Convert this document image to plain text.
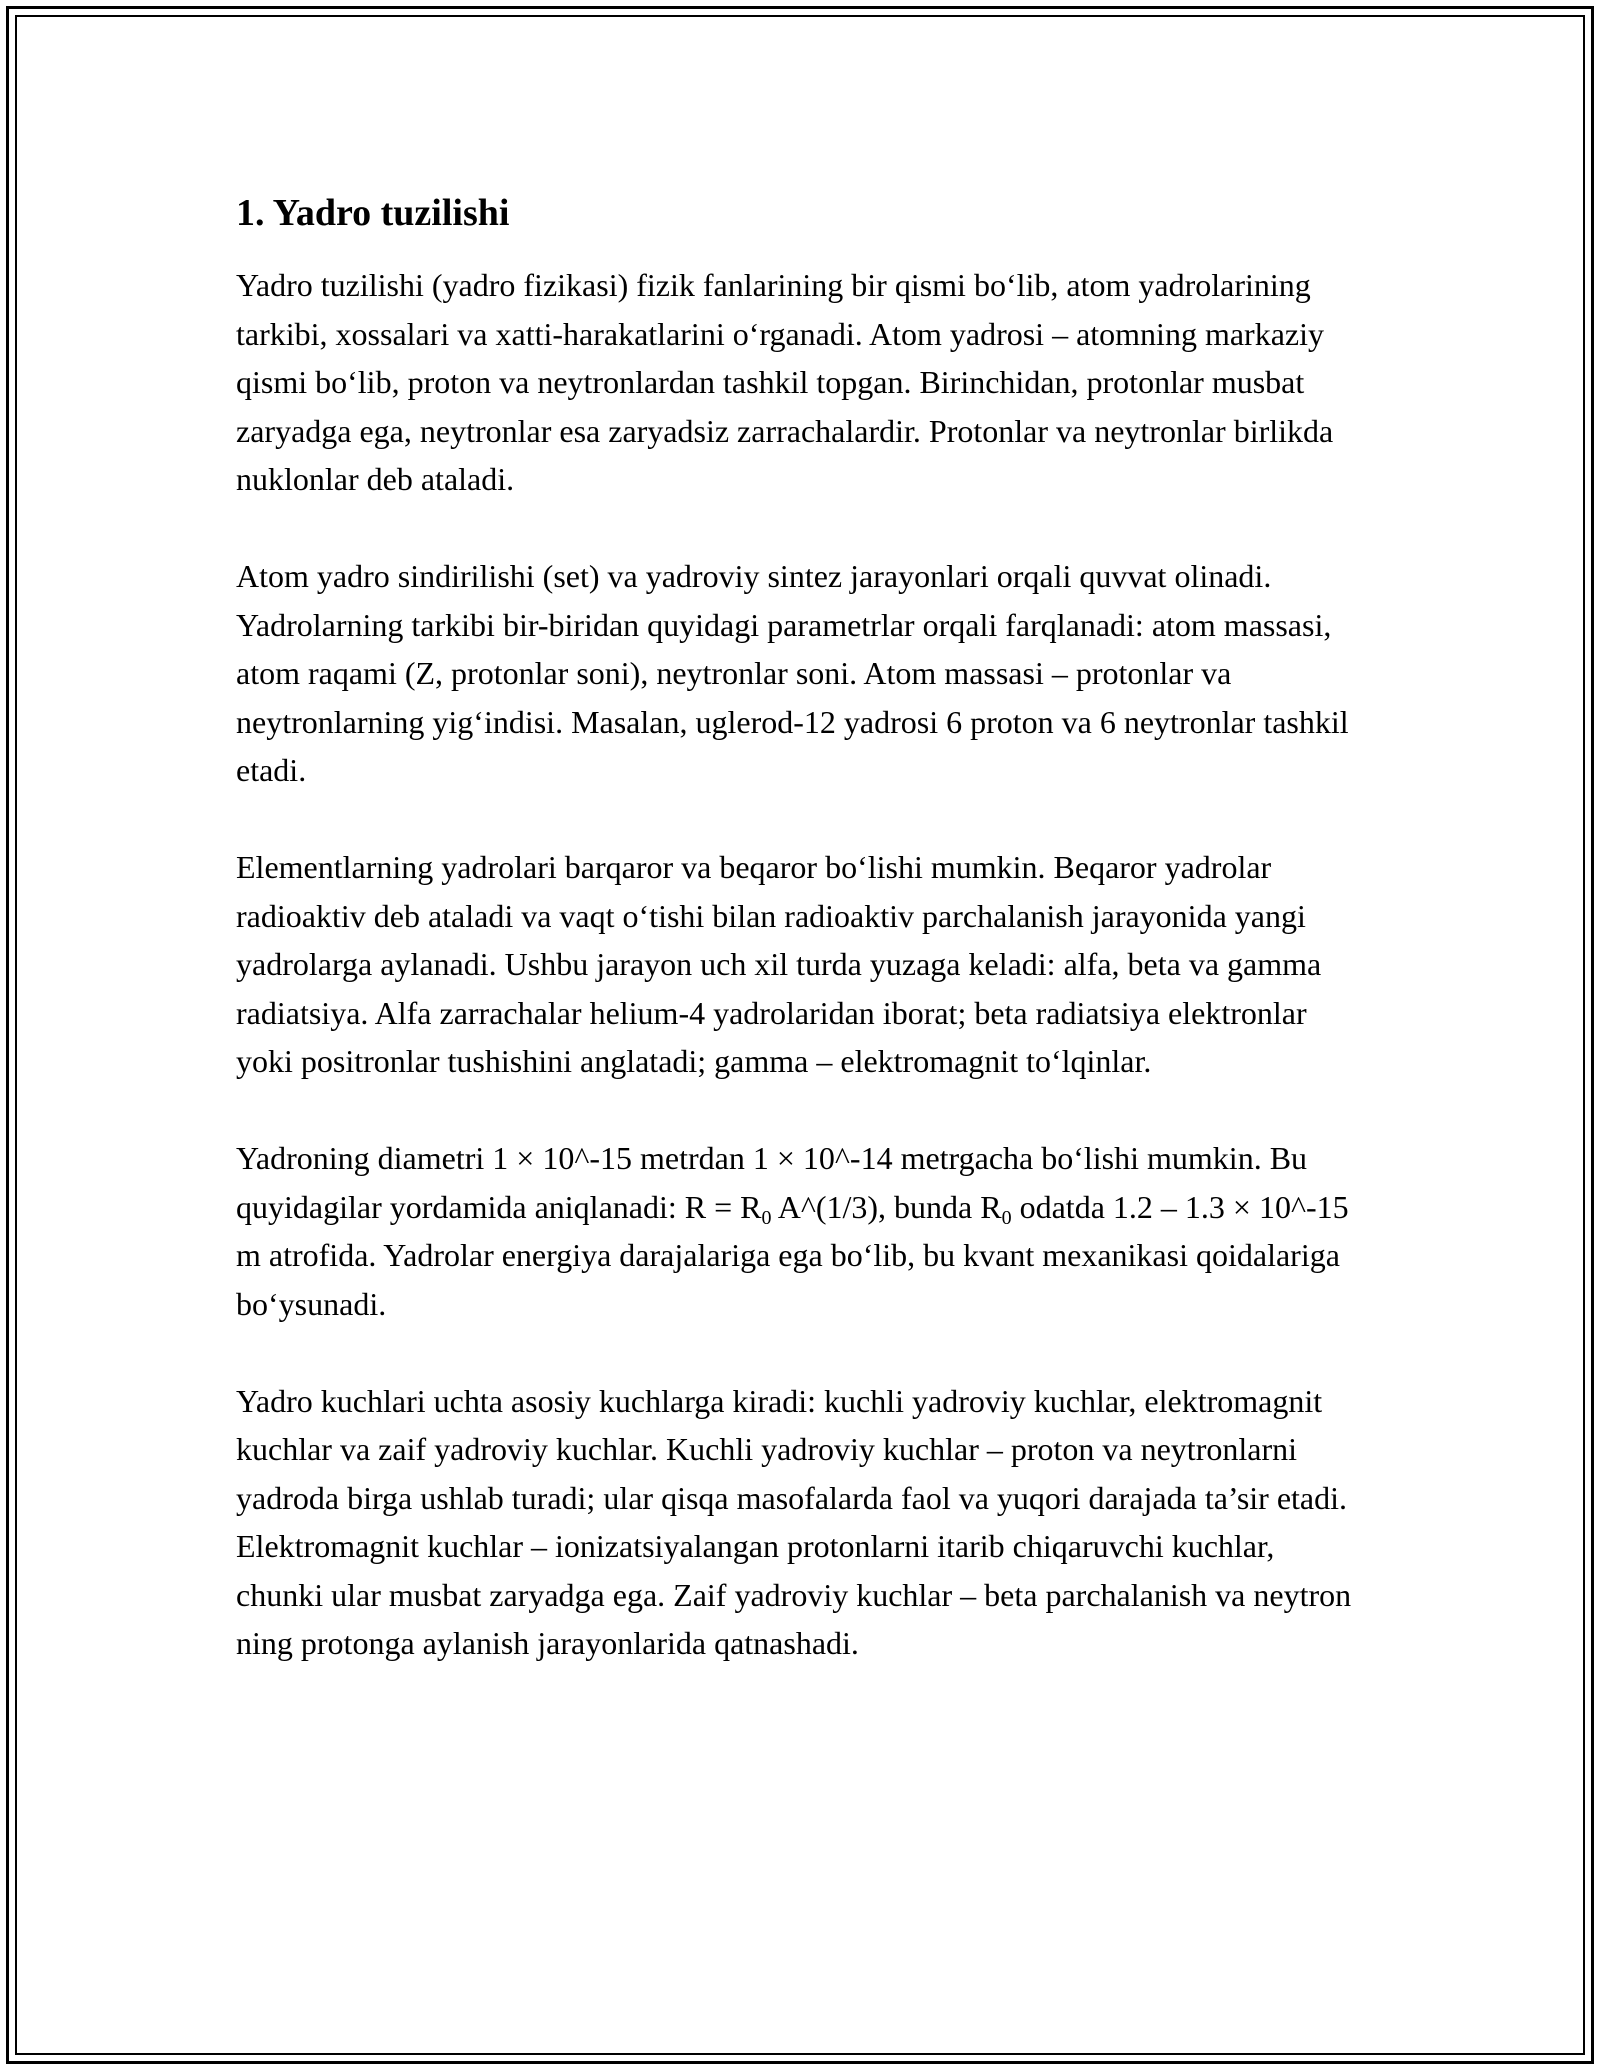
1. Yadro tuzilishi

Yadro tuzilishi (yadro fizikasi) fizik fanlarining bir qismi bo‘lib, atom yadrolarining tarkibi, xossalari va xatti-harakatlarini o‘rganadi. Atom yadrosi – atomning markaziy qismi bo‘lib, proton va neytronlardan tashkil topgan. Birinchidan, protonlar musbat zaryadga ega, neytronlar esa zaryadsiz zarrachalardir. Protonlar va neytronlar birlikda nuklonlar deb ataladi.

Atom yadro sindirilishi (set) va yadroviy sintez jarayonlari orqali quvvat olinadi. Yadrolarning tarkibi bir-biridan quyidagi parametrlar orqali farqlanadi: atom massasi, atom raqami (Z, protonlar soni), neytronlar soni. Atom massasi – protonlar va neytronlarning yig‘indisi. Masalan, uglerod-12 yadrosi 6 proton va 6 neytronlar tashkil etadi.

Elementlarning yadrolari barqaror va beqaror bo‘lishi mumkin. Beqaror yadrolar radioaktiv deb ataladi va vaqt o‘tishi bilan radioaktiv parchalanish jarayonida yangi yadrolarga aylanadi. Ushbu jarayon uch xil turda yuzaga keladi: alfa, beta va gamma radiatsiya. Alfa zarrachalar helium-4 yadrolaridan iborat; beta radiatsiya elektronlar yoki positronlar tushishini anglatadi; gamma – elektromagnit to‘lqinlar.

Yadroning diametri 1 × 10^-15 metrdan 1 × 10^-14 metrgacha bo‘lishi mumkin. Bu quyidagilar yordamida aniqlanadi: $R = R_0$ A^(1/3), bunda $R_0$ odatda 1.2 – 1.3 × 10^-15 m atrofida. Yadrolar energiya darajalariga ega bo‘lib, bu kvant mexanikasi qoidalariga bo‘ysunadi.

Yadro kuchlari uchta asosiy kuchlarga kiradi: kuchli yadroviy kuchlar, elektromagnit kuchlar va zaif yadroviy kuchlar. Kuchli yadroviy kuchlar – proton va neytronlarni yadroda birga ushlab turadi; ular qisqa masofalarda faol va yuqori darajada ta’sir etadi. Elektromagnit kuchlar – ionizatsiyalangan protonlarni itarib chiqaruvchi kuchlar, chunki ular musbat zaryadga ega. Zaif yadroviy kuchlar – beta parchalanish va neytron ning protonga aylanish jarayonlarida qatnashadi.
